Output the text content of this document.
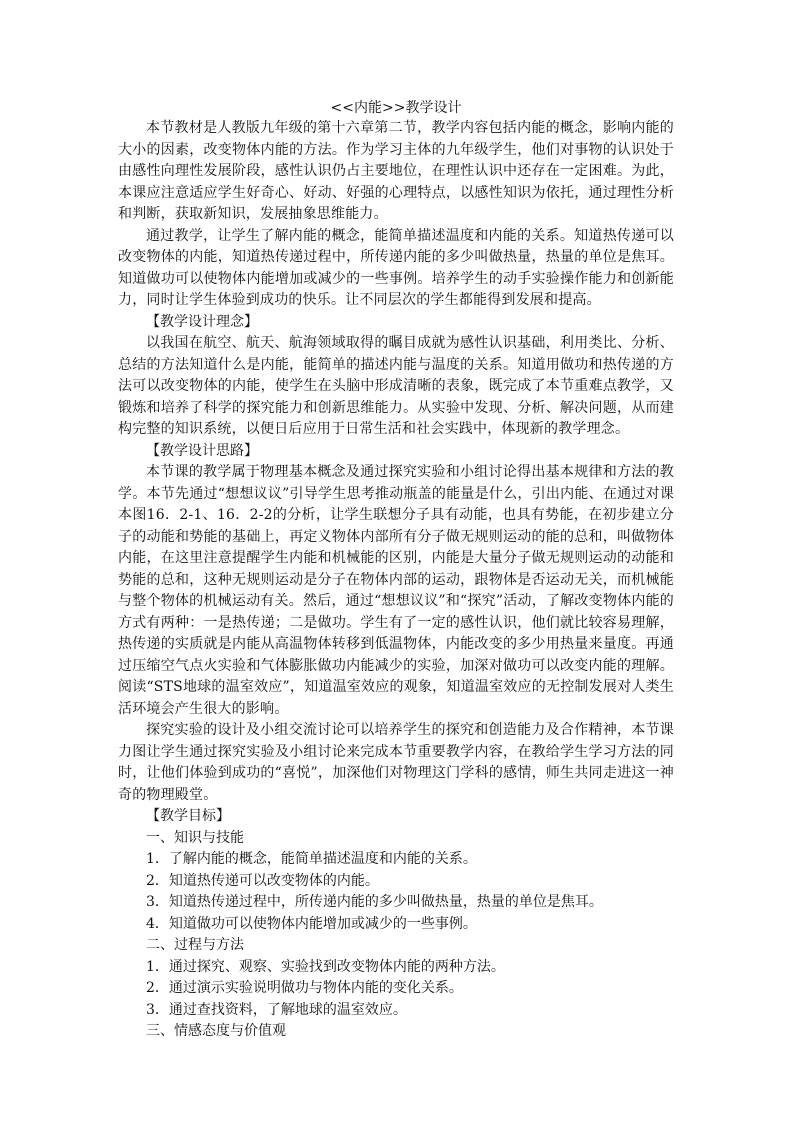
<<内能>>教学设计

本节教材是人教版九年级的第十六章第二节，教学内容包括内能的概念，影响内能的大小的因素，改变物体内能的方法。作为学习主体的九年级学生，他们对事物的认识处于由感性向理性发展阶段，感性认识仍占主要地位，在理性认识中还存在一定困难。为此，本课应注意适应学生好奇心、好动、好强的心理特点，以感性知识为依托，通过理性分析和判断，获取新知识，发展抽象思维能力。

通过教学，让学生了解内能的概念，能简单描述温度和内能的关系。知道热传递可以改变物体的内能，知道热传递过程中，所传递内能的多少叫做热量，热量的单位是焦耳。知道做功可以使物体内能增加或减少的一些事例。培养学生的动手实验操作能力和创新能力，同时让学生体验到成功的快乐。让不同层次的学生都能得到发展和提高。

【教学设计理念】

以我国在航空、航天、航海领域取得的瞩目成就为感性认识基础，利用类比、分析、总结的方法知道什么是内能，能简单的描述内能与温度的关系。知道用做功和热传递的方法可以改变物体的内能，使学生在头脑中形成清晰的表象，既完成了本节重难点教学，又锻炼和培养了科学的探究能力和创新思维能力。从实验中发现、分析、解决问题，从而建构完整的知识系统，以便日后应用于日常生活和社会实践中，体现新的教学理念。

【教学设计思路】

本节课的教学属于物理基本概念及通过探究实验和小组讨论得出基本规律和方法的教学。本节先通过“想想议议”引导学生思考推动瓶盖的能量是什么，引出内能、在通过对课本图16．2-1、16．2-2的分析，让学生联想分子具有动能，也具有势能，在初步建立分子的动能和势能的基础上，再定义物体内部所有分子做无规则运动的能的总和，叫做物体内能，在这里注意提醒学生内能和机械能的区别，内能是大量分子做无规则运动的动能和势能的总和，这种无规则运动是分子在物体内部的运动，跟物体是否运动无关，而机械能与整个物体的机械运动有关。然后，通过“想想议议”和“探究”活动，了解改变物体内能的方式有两种：一是热传递；二是做功。学生有了一定的感性认识，他们就比较容易理解，热传递的实质就是内能从高温物体转移到低温物体，内能改变的多少用热量来量度。再通过压缩空气点火实验和气体膨胀做功内能减少的实验，加深对做功可以改变内能的理解。阅读“STS地球的温室效应”，知道温室效应的观象，知道温室效应的无控制发展对人类生活环境会产生很大的影响。

探究实验的设计及小组交流讨论可以培养学生的探究和创造能力及合作精神，本节课力图让学生通过探究实验及小组讨论来完成本节重要教学内容，在教给学生学习方法的同时，让他们体验到成功的“喜悦”，加深他们对物理这门学科的感情，师生共同走进这一神奇的物理殿堂。

【教学目标】

一、知识与技能

1．了解内能的概念，能简单描述温度和内能的关系。

2．知道热传递可以改变物体的内能。

3．知道热传递过程中，所传递内能的多少叫做热量，热量的单位是焦耳。

4．知道做功可以使物体内能增加或减少的一些事例。

二、过程与方法

1．通过探究、观察、实验找到改变物体内能的两种方法。

2．通过演示实验说明做功与物体内能的变化关系。

3．通过查找资料，了解地球的温室效应。

三、情感态度与价值观
